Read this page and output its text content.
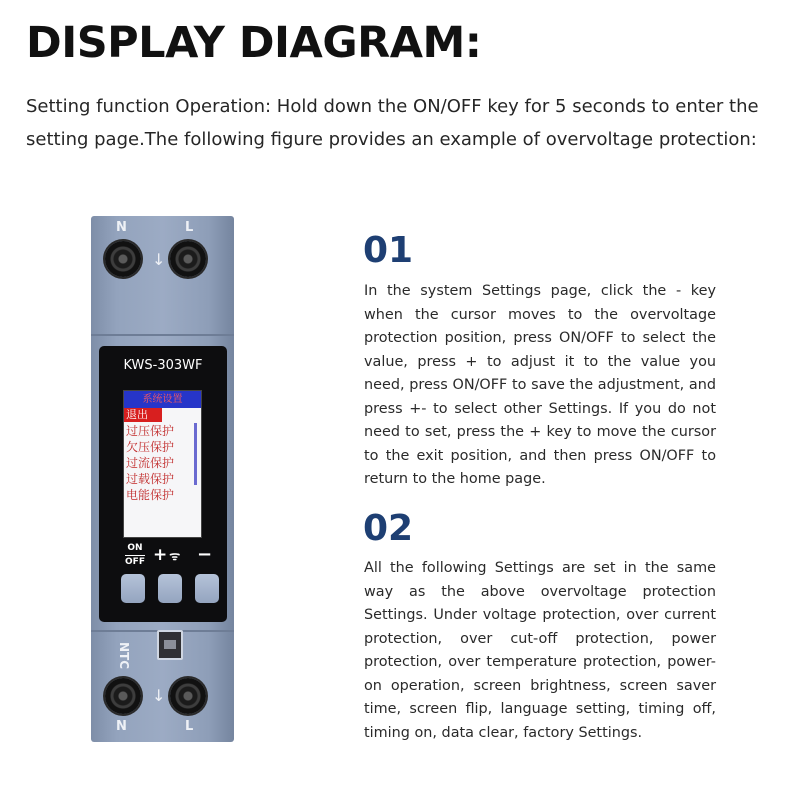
DISPLAY DIAGRAM:

Setting function Operation: Hold down the ON/OFF key for 5 seconds to enter the setting page.The following figure provides an example of overvoltage protection:

N	L
↓
KWS-303WF
系统设置
退出
过压保护
欠压保护
过流保护
过载保护
电能保护
ON
OFF + ᯤ −
NTC
↓
N	L
01

In the system Settings page, click the - key when the cursor moves to the overvoltage protection position, press ON/OFF to select the value, press + to adjust it to the value you need, press ON/OFF to save the adjustment, and press +- to select other Settings. If you do not need to set, press the + key to move the cursor to the exit position, and then press ON/OFF to return to the home page.

02

All the following Settings are set in the same way as the above overvoltage protection Settings. Under voltage protection, over current protection, over cut-off protection, power protection, over temperature protection, power-on operation, screen brightness, screen saver time, screen flip, language setting, timing off, timing on, data clear, factory Settings.
